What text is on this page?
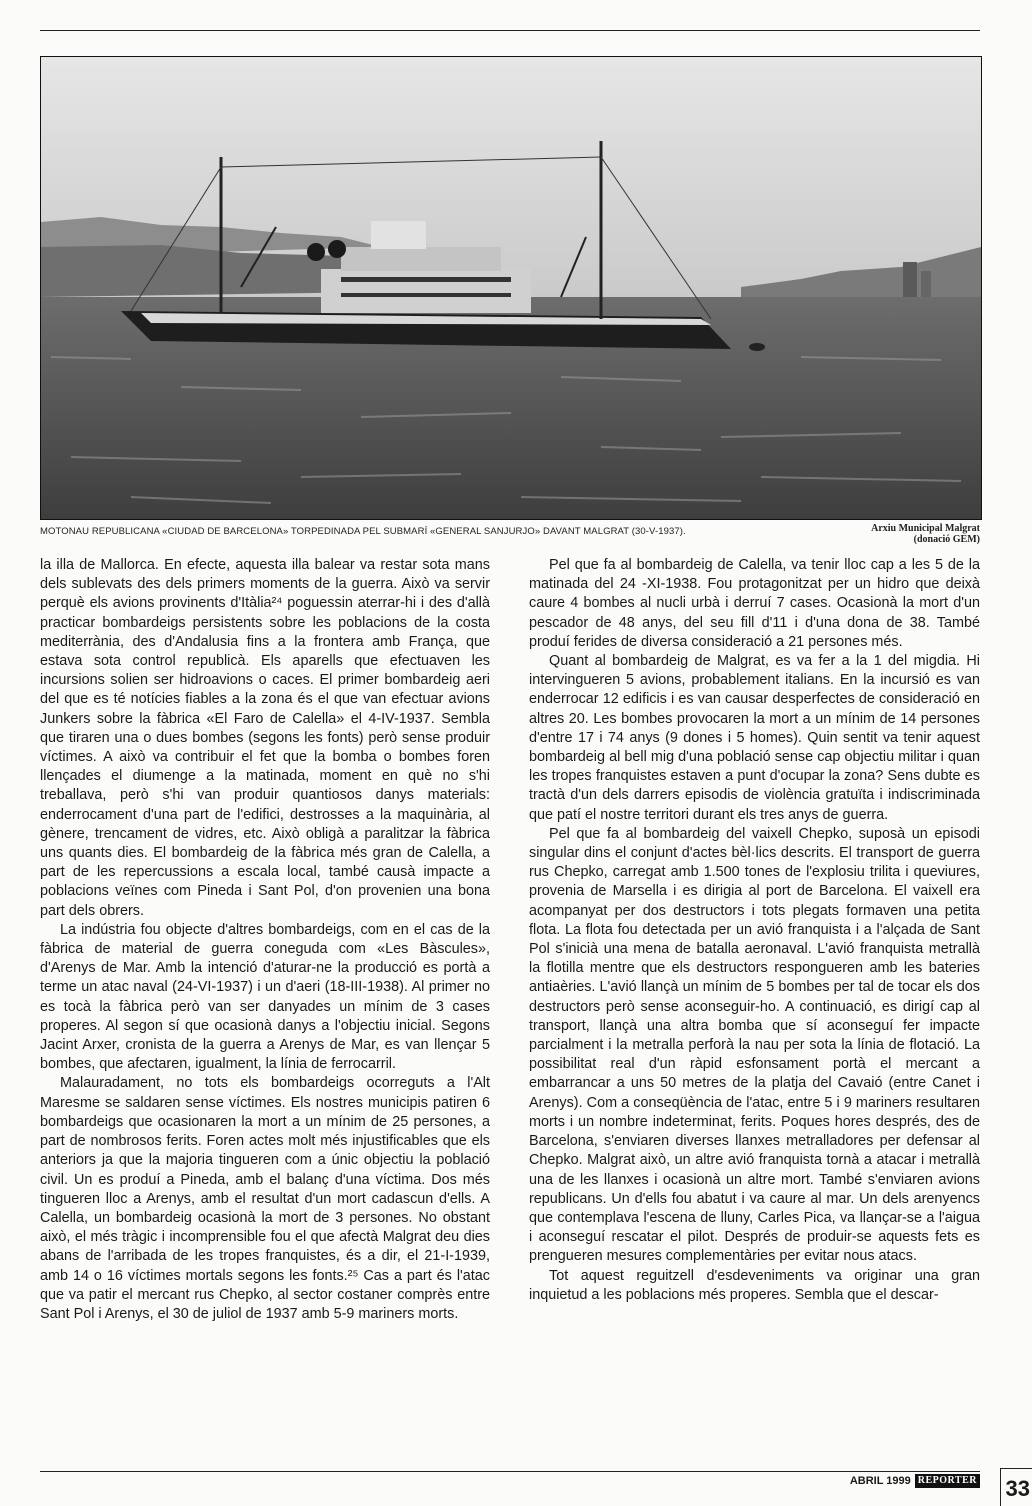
MOTONAU REPUBLICANA «CIUDAD DE BARCELONA» TORPEDINADA PEL SUBMARÍ «GENERAL SANJURJO» DAVANT MALGRAT (30-V-1937).	Arxiu Municipal Malgrat
(donació GEM)

la illa de Mallorca. En efecte, aquesta illa balear va restar sota mans dels sublevats des dels primers moments de la guerra. Això va servir perquè els avions provinents d'Itàlia²⁴ poguessin aterrar-hi i des d'allà practicar bombardeigs persistents sobre les poblacions de la costa mediterrània, des d'Andalusia fins a la frontera amb França, que estava sota control republicà. Els aparells que efectuaven les incursions solien ser hidroavions o caces. El primer bombardeig aeri del que es té notícies fiables a la zona és el que van efectuar avions Junkers sobre la fàbrica «El Faro de Calella» el 4-IV-1937. Sembla que tiraren una o dues bombes (segons les fonts) però sense produir víctimes. A això va contribuir el fet que la bomba o bombes foren llençades el diumenge a la matinada, moment en què no s'hi treballava, però s'hi van produir quantiosos danys materials: enderrocament d'una part de l'edifici, destrosses a la maquinària, al gènere, trencament de vidres, etc. Això obligà a paralitzar la fàbrica uns quants dies. El bombardeig de la fàbrica més gran de Calella, a part de les repercussions a escala local, també causà impacte a poblacions veïnes com Pineda i Sant Pol, d'on provenien una bona part dels obrers.

La indústria fou objecte d'altres bombardeigs, com en el cas de la fàbrica de material de guerra coneguda com «Les Bàscules», d'Arenys de Mar. Amb la intenció d'aturar-ne la producció es portà a terme un atac naval (24-VI-1937) i un d'aeri (18-III-1938). Al primer no es tocà la fàbrica però van ser danyades un mínim de 3 cases properes. Al segon sí que ocasionà danys a l'objectiu inicial. Segons Jacint Arxer, cronista de la guerra a Arenys de Mar, es van llençar 5 bombes, que afectaren, igualment, la línia de ferrocarril.

Malauradament, no tots els bombardeigs ocorreguts a l'Alt Maresme se saldaren sense víctimes. Els nostres municipis patiren 6 bombardeigs que ocasionaren la mort a un mínim de 25 persones, a part de nombrosos ferits. Foren actes molt més injustificables que els anteriors ja que la majoria tingueren com a únic objectiu la població civil. Un es produí a Pineda, amb el balanç d'una víctima. Dos més tingueren lloc a Arenys, amb el resultat d'un mort cadascun d'ells. A Calella, un bombardeig ocasionà la mort de 3 persones. No obstant això, el més tràgic i incomprensible fou el que afectà Malgrat deu dies abans de l'arribada de les tropes franquistes, és a dir, el 21-I-1939, amb 14 o 16 víctimes mortals segons les fonts.²⁵ Cas a part és l'atac que va patir el mercant rus Chepko, al sector costaner comprès entre Sant Pol i Arenys, el 30 de juliol de 1937 amb 5-9 mariners morts.

Pel que fa al bombardeig de Calella, va tenir lloc cap a les 5 de la matinada del 24 -XI-1938. Fou protagonitzat per un hidro que deixà caure 4 bombes al nucli urbà i derruí 7 cases. Ocasionà la mort d'un pescador de 48 anys, del seu fill d'11 i d'una dona de 38. També produí ferides de diversa consideració a 21 persones més.

Quant al bombardeig de Malgrat, es va fer a la 1 del migdia. Hi intervingueren 5 avions, probablement italians. En la incursió es van enderrocar 12 edificis i es van causar desperfectes de consideració en altres 20. Les bombes provocaren la mort a un mínim de 14 persones d'entre 17 i 74 anys (9 dones i 5 homes). Quin sentit va tenir aquest bombardeig al bell mig d'una població sense cap objectiu militar i quan les tropes franquistes estaven a punt d'ocupar la zona? Sens dubte es tractà d'un dels darrers episodis de violència gratuïta i indiscriminada que patí el nostre territori durant els tres anys de guerra.

Pel que fa al bombardeig del vaixell Chepko, suposà un episodi singular dins el conjunt d'actes bèl·lics descrits. El transport de guerra rus Chepko, carregat amb 1.500 tones de l'explosiu trilita i queviures, provenia de Marsella i es dirigia al port de Barcelona. El vaixell era acompanyat per dos destructors i tots plegats formaven una petita flota. La flota fou detectada per un avió franquista i a l'alçada de Sant Pol s'inicià una mena de batalla aeronaval. L'avió franquista metrallà la flotilla mentre que els destructors respongueren amb les bateries antiaèries. L'avió llançà un mínim de 5 bombes per tal de tocar els dos destructors però sense aconseguir-ho. A continuació, es dirigí cap al transport, llançà una altra bomba que sí aconseguí fer impacte parcialment i la metralla perforà la nau per sota la línia de flotació. La possibilitat real d'un ràpid esfonsament portà el mercant a embarrancar a uns 50 metres de la platja del Cavaió (entre Canet i Arenys). Com a conseqüència de l'atac, entre 5 i 9 mariners resultaren morts i un nombre indeterminat, ferits. Poques hores després, des de Barcelona, s'enviaren diverses llanxes metralladores per defensar al Chepko. Malgrat això, un altre avió franquista tornà a atacar i metrallà una de les llanxes i ocasionà un altre mort. També s'enviaren avions republicans. Un d'ells fou abatut i va caure al mar. Un dels arenyencs que contemplava l'escena de lluny, Carles Pica, va llançar-se a l'aigua i aconseguí rescatar el pilot. Després de produir-se aquests fets es prengueren mesures complementàries per evitar nous atacs.

Tot aquest reguitzell d'esdeveniments va originar una gran inquietud a les poblacions més properes. Sembla que el descar-

ABRIL 1999 REPORTER 33
